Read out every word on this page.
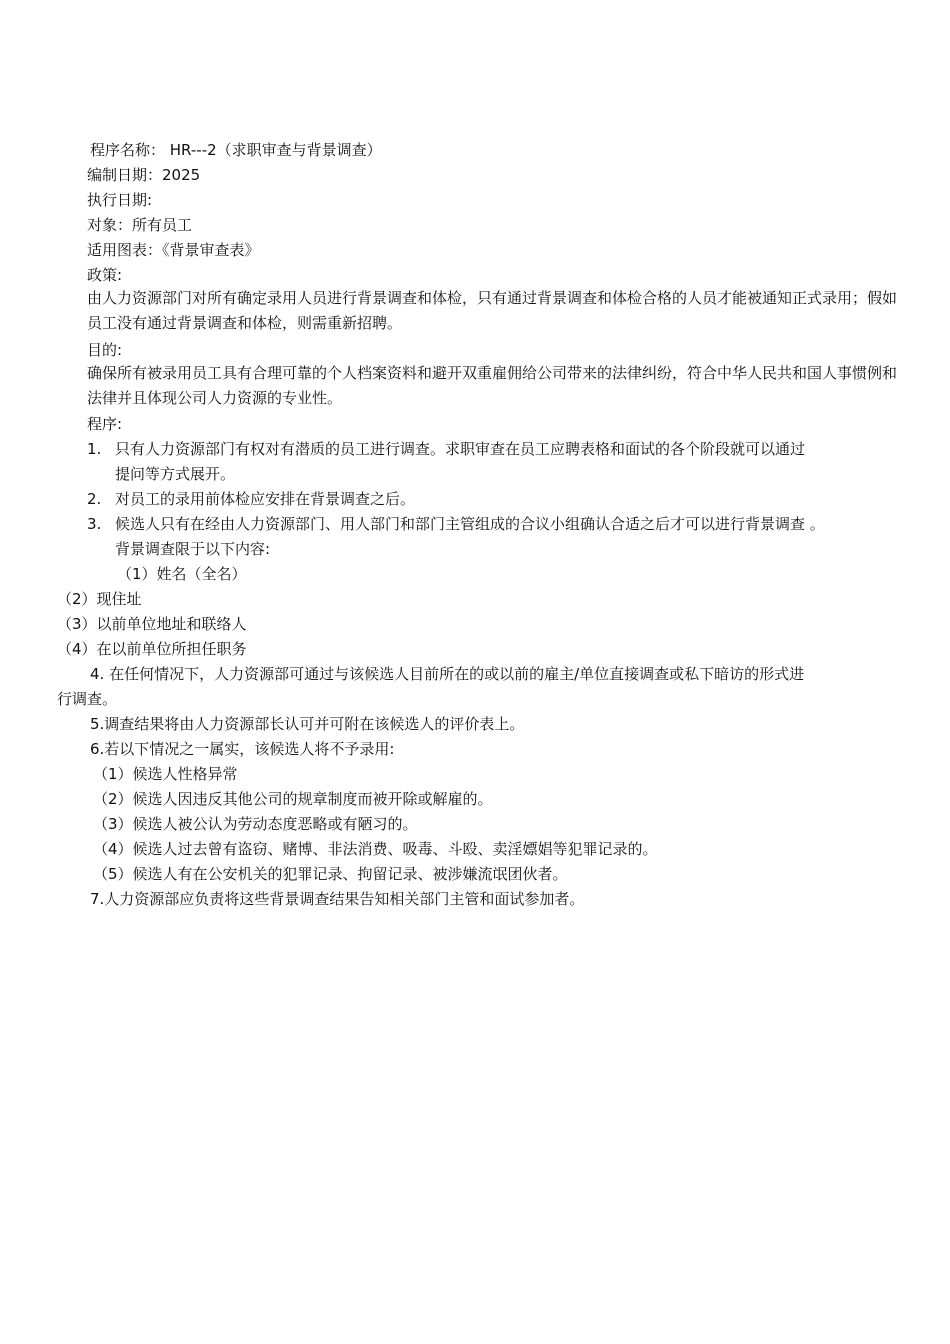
程序名称： HR---2（求职审查与背景调查）
编制日期：2025
执行日期:
对象：所有员工
适用图表：《背景审查表》
政策:
由人力资源部门对所有确定录用人员进行背景调查和体检，只有通过背景调查和体检合格的人员才能被通知正式录用；假如员工没有通过背景调查和体检，则需重新招聘。
目的:
确保所有被录用员工具有合理可靠的个人档案资料和避开双重雇佣给公司带来的法律纠纷，符合中华人民共和国人事惯例和法律并且体现公司人力资源的专业性。
程序:
1. 只有人力资源部门有权对有潜质的员工进行调查。求职审查在员工应聘表格和面试的各个阶段就可以通过
提问等方式展开。
2. 对员工的录用前体检应安排在背景调查之后。
3. 候选人只有在经由人力资源部门、用人部门和部门主管组成的合议小组确认合适之后才可以进行背景调查 。
背景调查限于以下内容:
（1）姓名（全名）
（2）现住址
（3）以前单位地址和联络人
（4）在以前单位所担任职务
4. 在任何情况下，人力资源部可通过与该候选人目前所在的或以前的雇主/单位直接调查或私下暗访的形式进
行调查。
5.调查结果将由人力资源部长认可并可附在该候选人的评价表上。
6.若以下情况之一属实，该候选人将不予录用:
（1）候选人性格异常
（2）候选人因违反其他公司的规章制度而被开除或解雇的。
（3）候选人被公认为劳动态度恶略或有陋习的。
（4）候选人过去曾有盗窃、赌博、非法消费、吸毒、斗殴、卖淫嫖娼等犯罪记录的。
（5）候选人有在公安机关的犯罪记录、拘留记录、被涉嫌流氓团伙者。
7.人力资源部应负责将这些背景调查结果告知相关部门主管和面试参加者。
